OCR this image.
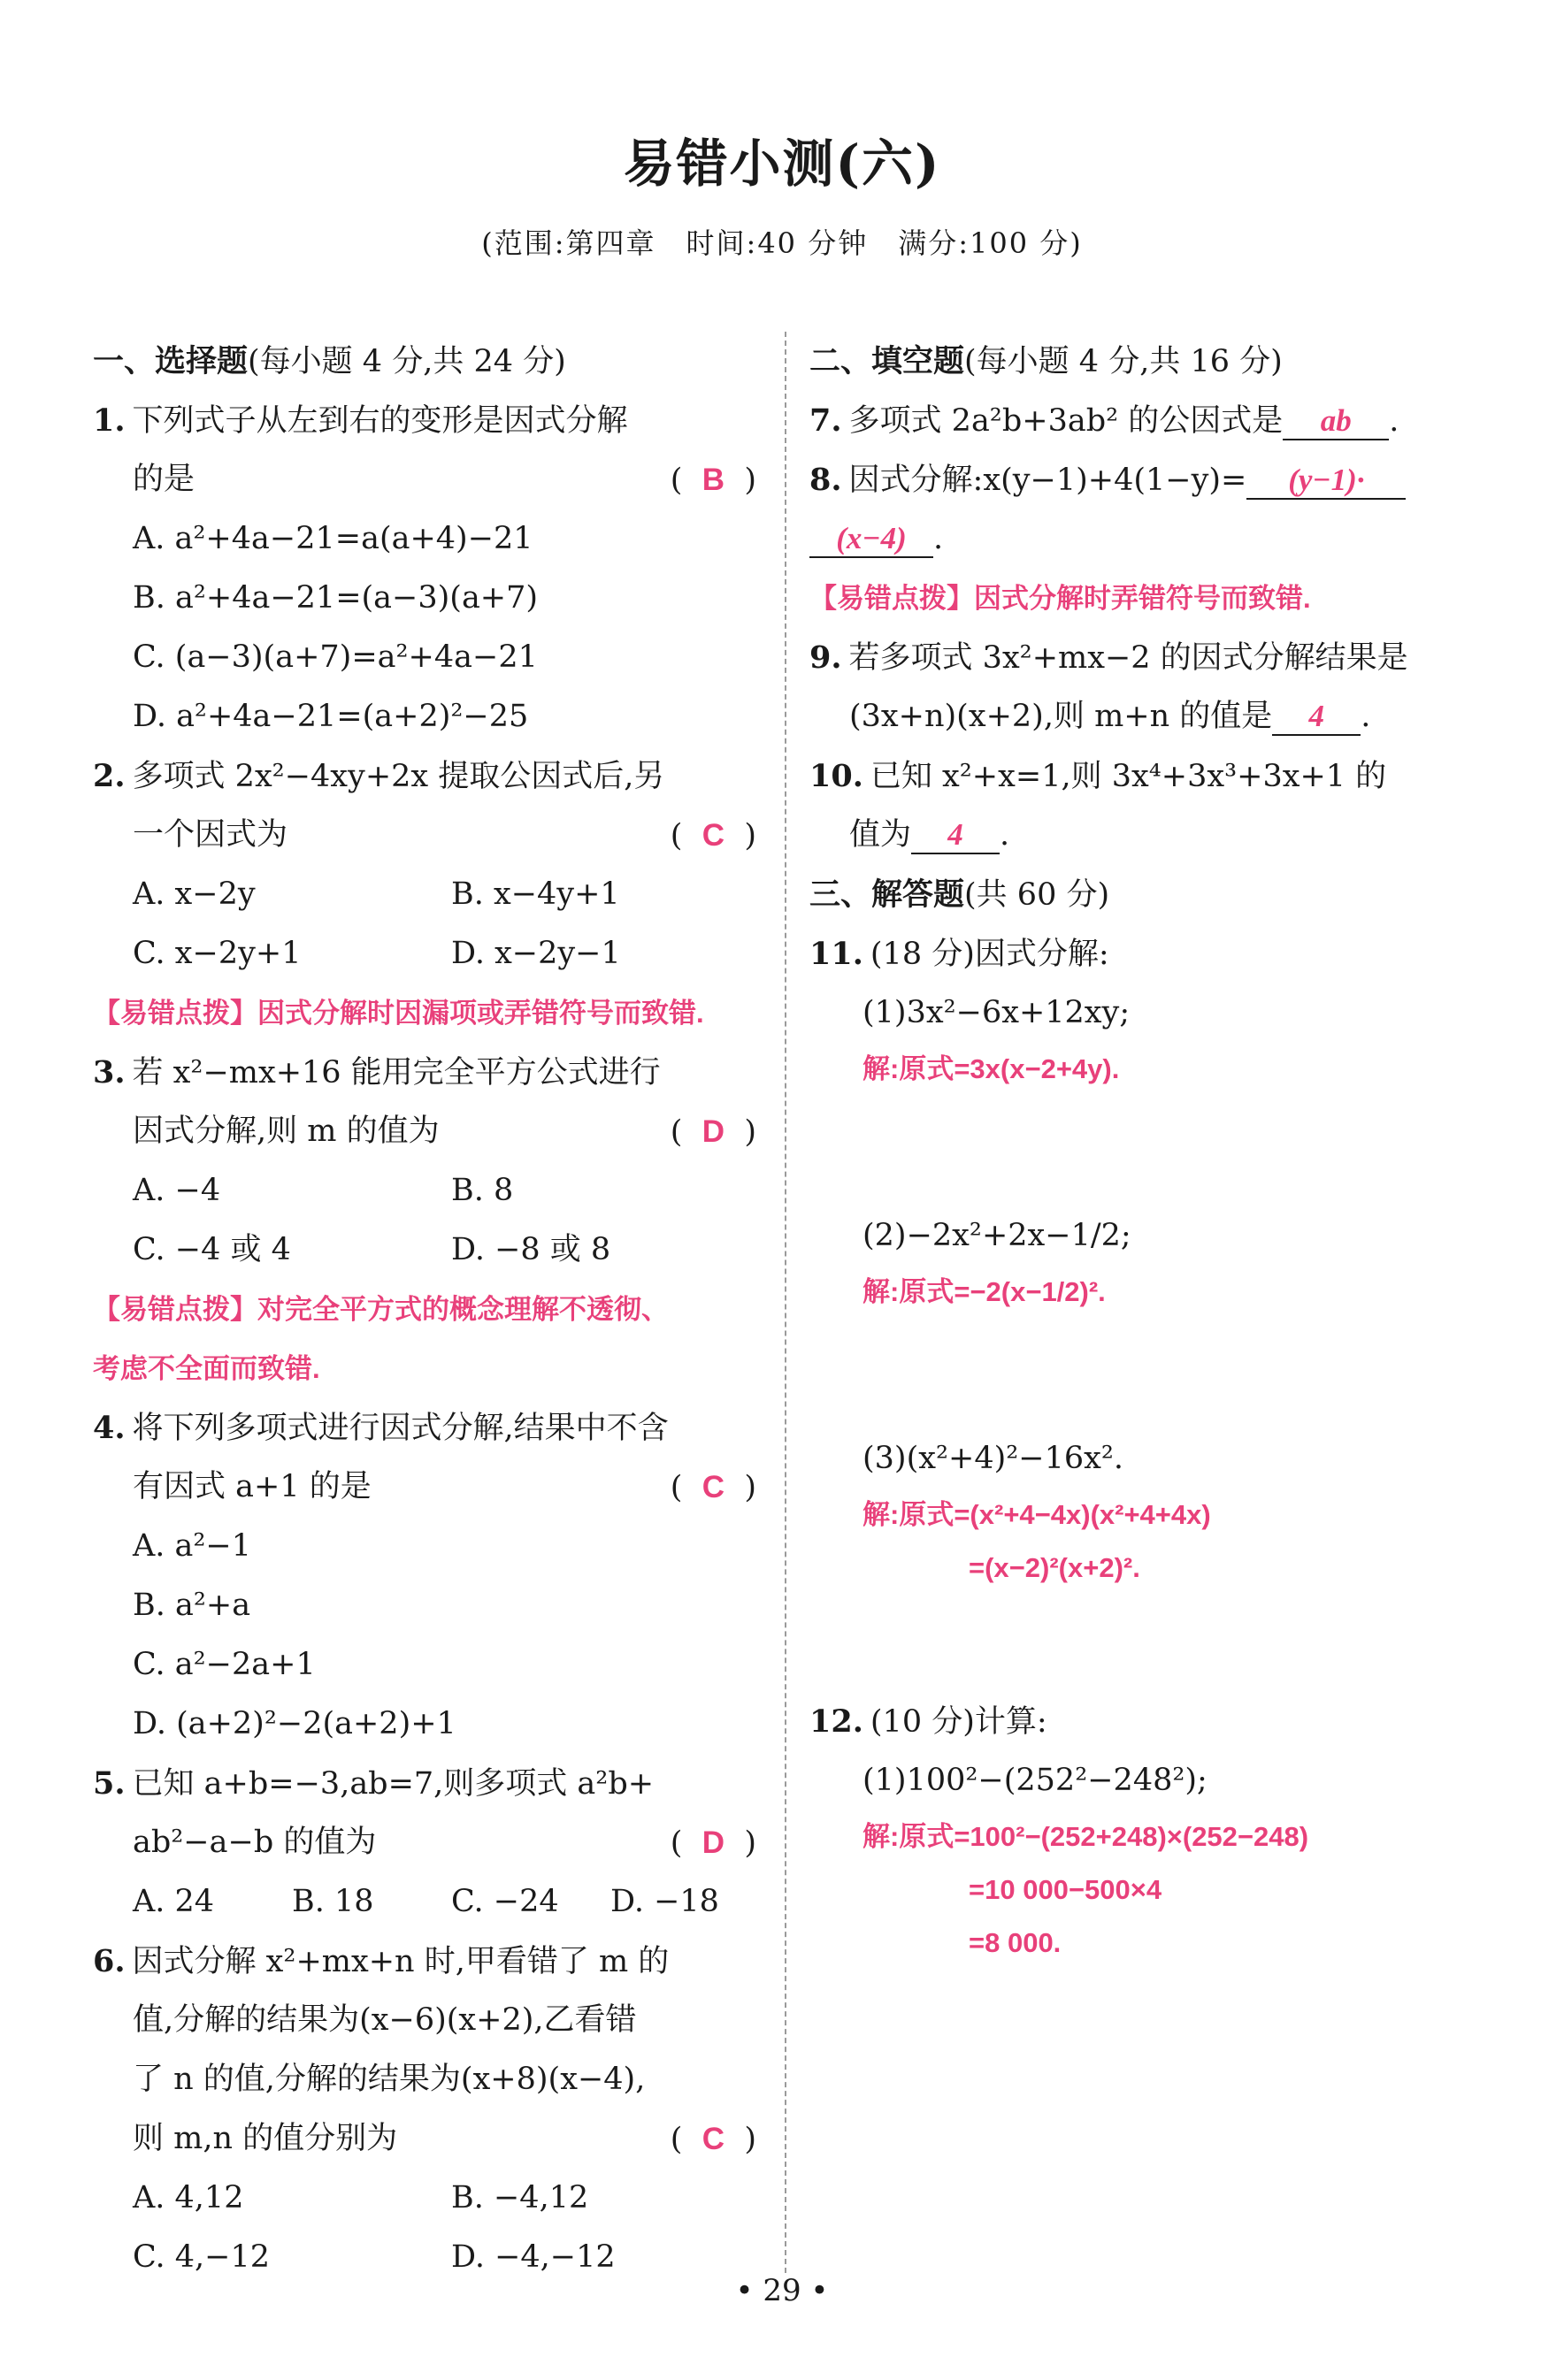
易错小测(六)
(范围:第四章　时间:40 分钟　满分:100 分)
一、选择题(每小题 4 分,共 24 分)
1. 下列式子从左到右的变形是因式分解
的是	( B )
A. a²+4a−21=a(a+4)−21
B. a²+4a−21=(a−3)(a+7)
C. (a−3)(a+7)=a²+4a−21
D. a²+4a−21=(a+2)²−25
2. 多项式 2x²−4xy+2x 提取公因式后,另
一个因式为	( C )
A. x−2y	B. x−4y+1
C. x−2y+1	D. x−2y−1
【易错点拨】因式分解时因漏项或弄错符号而致错.
3. 若 x²−mx+16 能用完全平方公式进行
因式分解,则 m 的值为	( D )
A. −4	B. 8
C. −4 或 4	D. −8 或 8
【易错点拨】对完全平方式的概念理解不透彻、
考虑不全面而致错.
4. 将下列多项式进行因式分解,结果中不含
有因式 a+1 的是	( C )
A. a²−1
B. a²+a
C. a²−2a+1
D. (a+2)²−2(a+2)+1
5. 已知 a+b=−3,ab=7,则多项式 a²b+
ab²−a−b 的值为	( D )
A. 24	B. 18 C. −24 D. −18
6. 因式分解 x²+mx+n 时,甲看错了 m 的
值,分解的结果为(x−6)(x+2),乙看错
了 n 的值,分解的结果为(x+8)(x−4),
则 m,n 的值分别为	( C )
A. 4,12	B. −4,12
C. 4,−12	D. −4,−12
二、填空题(每小题 4 分,共 16 分)
7. 多项式 2a²b+3ab² 的公因式是 ab .
8. 因式分解:x(y−1)+4(1−y)= (y−1)·
(x−4) .
【易错点拨】因式分解时弄错符号而致错.
9. 若多项式 3x²+mx−2 的因式分解结果是
(3x+n)(x+2),则 m+n 的值是 4 .
10. 已知 x²+x=1,则 3x⁴+3x³+3x+1 的
值为 4 .
三、解答题(共 60 分)
11. (18 分)因式分解:
(1)3x²−6x+12xy;
解:原式=3x(x−2+4y).
(2)−2x²+2x−1/2;
解:原式=−2(x−1/2)².
(3)(x²+4)²−16x².
解:原式=(x²+4−4x)(x²+4+4x)
=(x−2)²(x+2)².
12. (10 分)计算:
(1)100²−(252²−248²);
解:原式=100²−(252+248)×(252−248)
=10 000−500×4
=8 000.
• 29 •
